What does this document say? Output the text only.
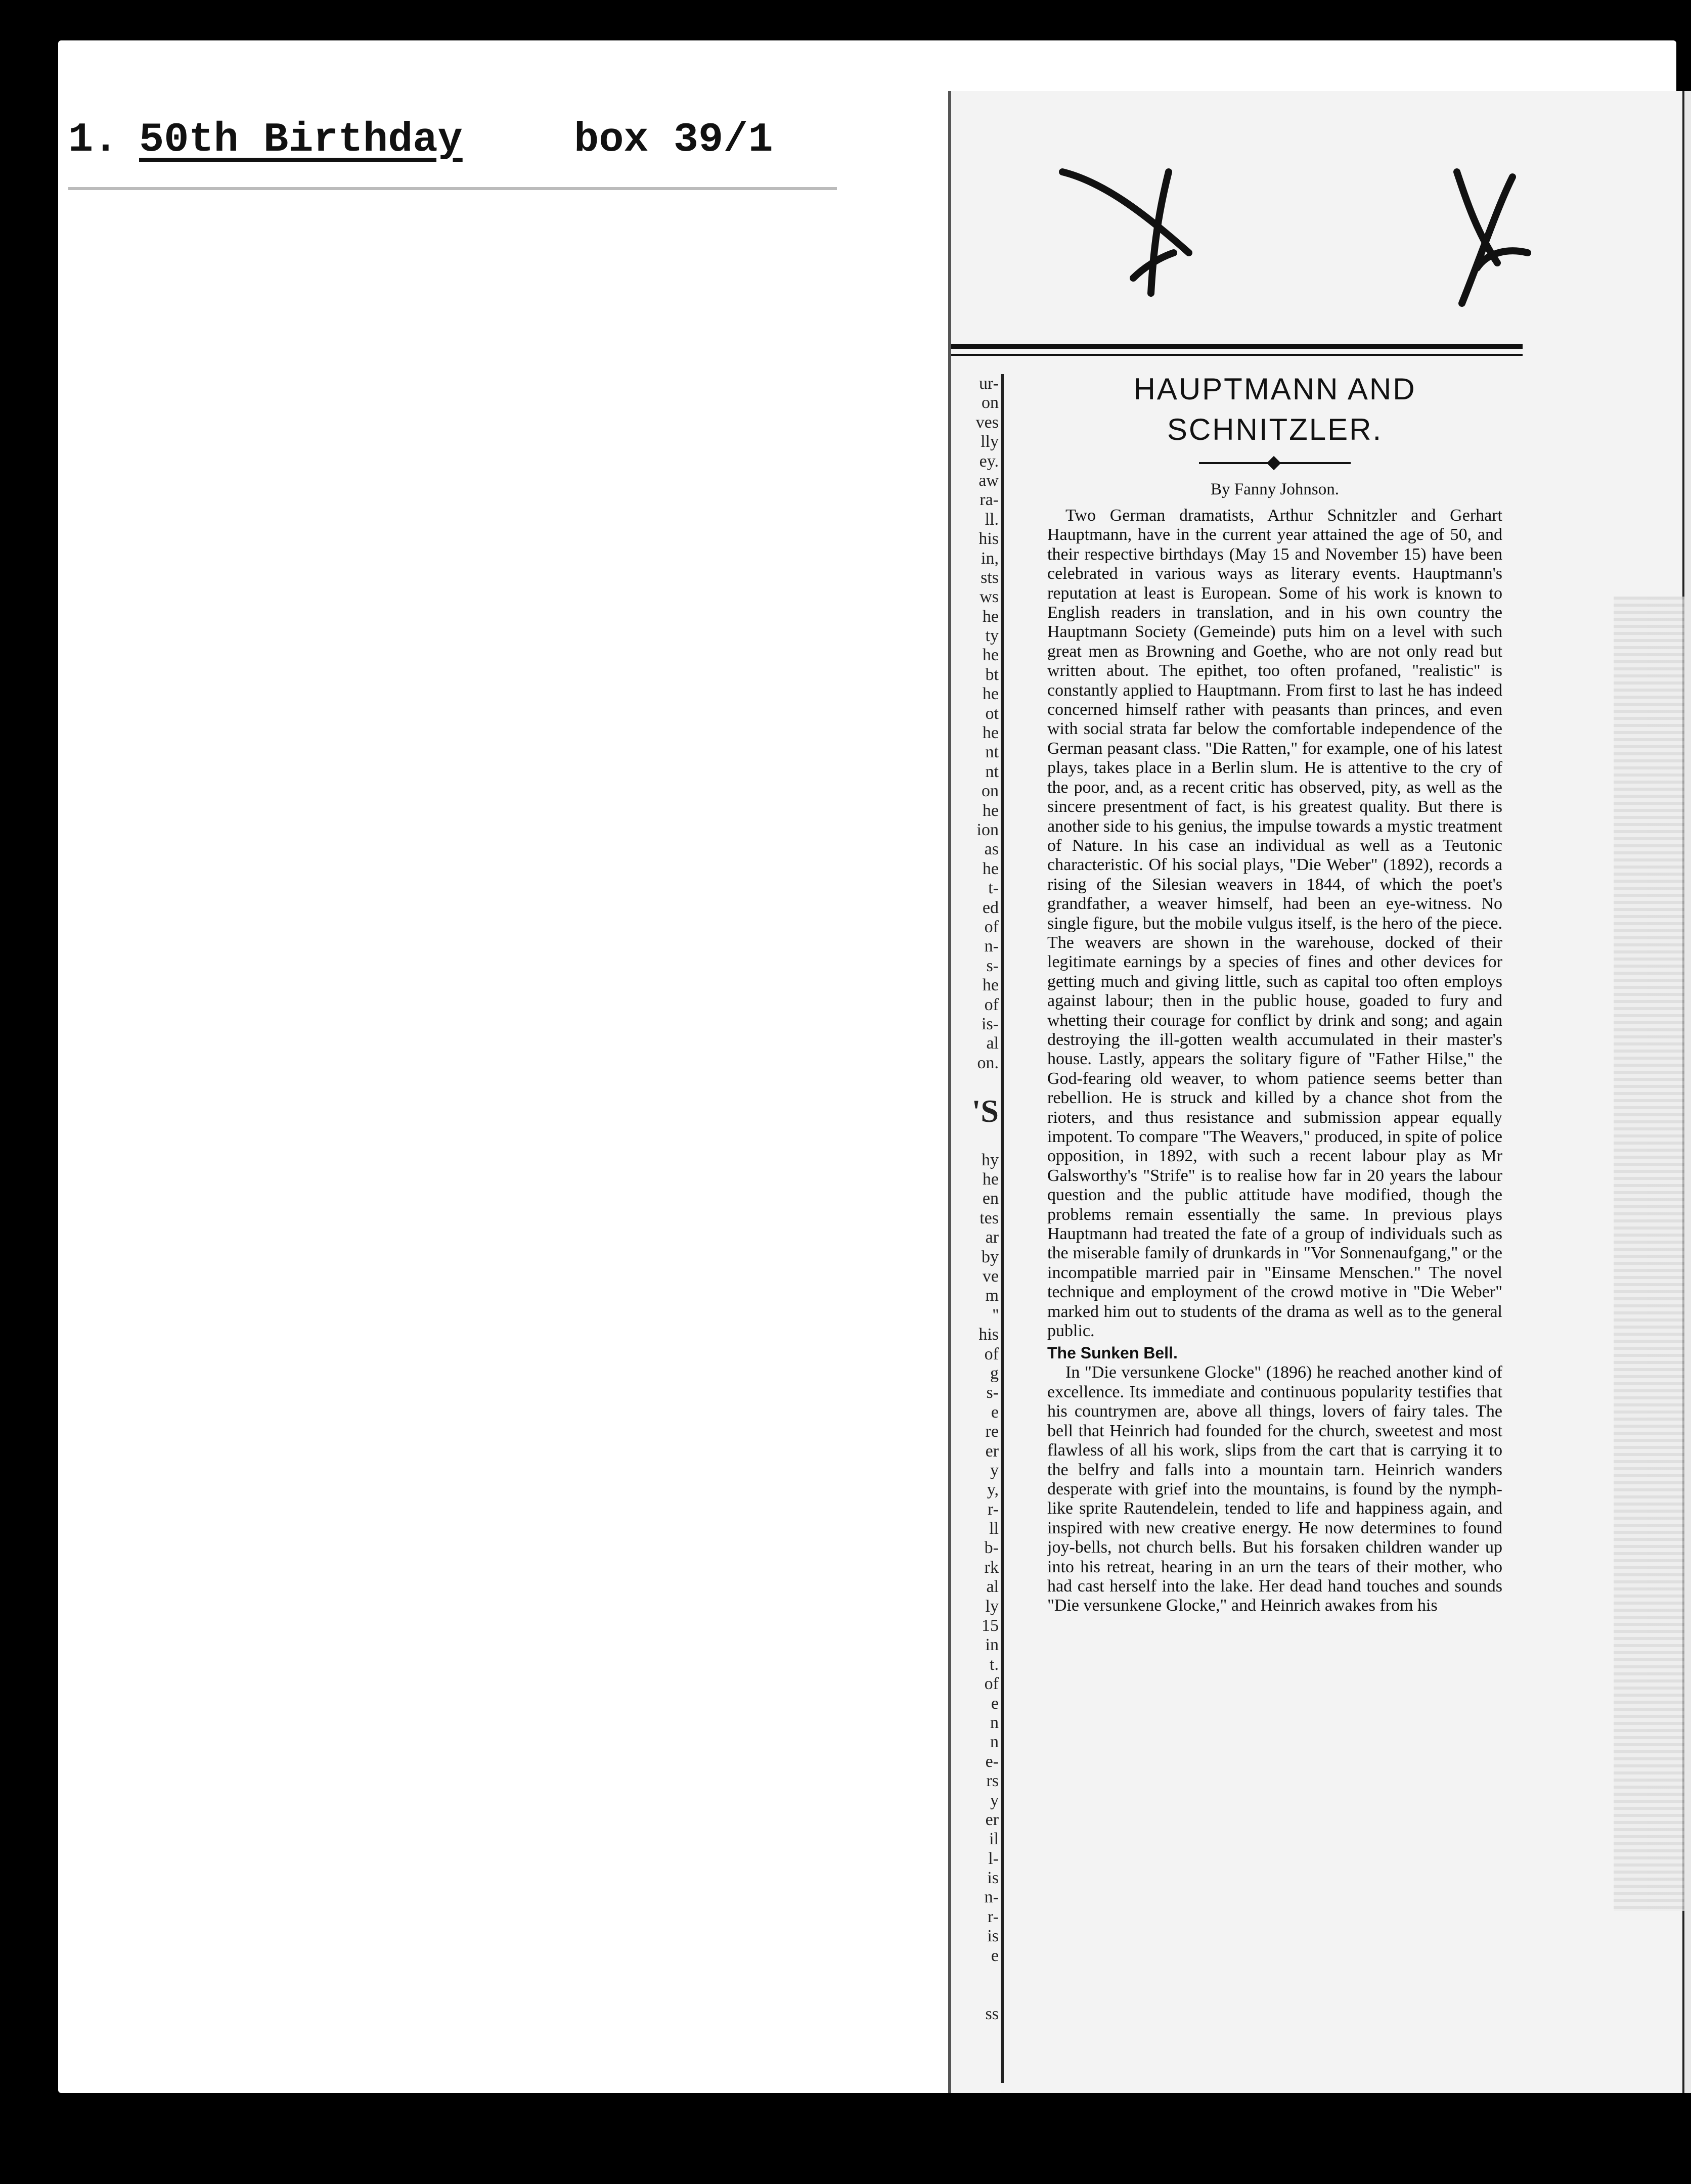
1. 50th Birthday	box 39/1
ur-
on
ves
lly
ey.
aw
ra-
ll.
his
in,
sts
ws
he
ty
he
bt
he
ot
he
nt
nt
on
he
ion
as
he
t-
ed
of
n-
s-
he
of
is-
al
on.
'S
hy
he
en
tes
ar
by
ve
m
''
his
of
g
s-
e
re
er
y
y,
r-
ll
b-
rk
al
ly
15
in
t.
of
e
n
n
e-
rs
y
er
il
l-
is
n-
r-
is
e
ss
HAUPTMANN AND SCHNITZLER.
By Fanny Johnson.

Two German dramatists, Arthur Schnitzler and Gerhart Hauptmann, have in the current year attained the age of 50, and their respective birthdays (May 15 and November 15) have been celebrated in various ways as literary events. Hauptmann's reputation at least is European. Some of his work is known to English readers in translation, and in his own country the Hauptmann Society (Gemeinde) puts him on a level with such great men as Browning and Goethe, who are not only read but written about. The epithet, too often profaned, "realistic" is constantly applied to Hauptmann. From first to last he has indeed concerned himself rather with peasants than princes, and even with social strata far below the comfortable independence of the German peasant class. "Die Ratten," for example, one of his latest plays, takes place in a Berlin slum. He is attentive to the cry of the poor, and, as a recent critic has observed, pity, as well as the sincere presentment of fact, is his greatest quality. But there is another side to his genius, the impulse towards a mystic treatment of Nature. In his case an individual as well as a Teutonic characteristic. Of his social plays, "Die Weber" (1892), records a rising of the Silesian weavers in 1844, of which the poet's grandfather, a weaver himself, had been an eye-witness. No single figure, but the mobile vulgus itself, is the hero of the piece. The weavers are shown in the warehouse, docked of their legitimate earnings by a species of fines and other devices for getting much and giving little, such as capital too often employs against labour; then in the public house, goaded to fury and whetting their courage for conflict by drink and song; and again destroying the ill-gotten wealth accumulated in their master's house. Lastly, appears the solitary figure of "Father Hilse," the God-fearing old weaver, to whom patience seems better than rebellion. He is struck and killed by a chance shot from the rioters, and thus resistance and submission appear equally impotent. To compare "The Weavers," produced, in spite of police opposition, in 1892, with such a recent labour play as Mr Galsworthy's "Strife" is to realise how far in 20 years the labour question and the public attitude have modified, though the problems remain essentially the same. In previous plays Hauptmann had treated the fate of a group of individuals such as the miserable family of drunkards in "Vor Sonnenaufgang," or the incompatible married pair in "Einsame Menschen." The novel technique and employment of the crowd motive in "Die Weber" marked him out to students of the drama as well as to the general public.

The Sunken Bell.

In "Die versunkene Glocke" (1896) he reached another kind of excellence. Its immediate and continuous popularity testifies that his countrymen are, above all things, lovers of fairy tales. The bell that Heinrich had founded for the church, sweetest and most flawless of all his work, slips from the cart that is carrying it to the belfry and falls into a mountain tarn. Heinrich wanders desperate with grief into the mountains, is found by the nymph-like sprite Rautendelein, tended to life and happiness again, and inspired with new creative energy. He now determines to found joy-bells, not church bells. But his forsaken children wander up into his retreat, hearing in an urn the tears of their mother, who had cast herself into the lake. Her dead hand touches and sounds "Die versunkene Glocke," and Heinrich awakes from his
